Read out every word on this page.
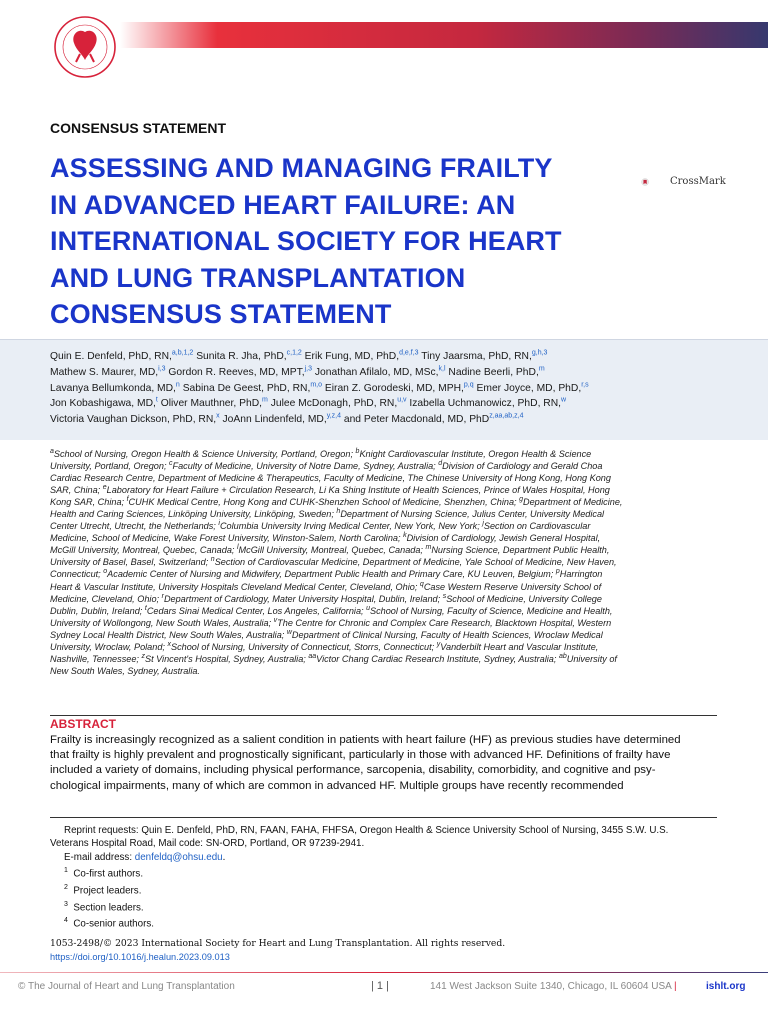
CONSENSUS STATEMENT
ASSESSING AND MANAGING FRAILTY
IN ADVANCED HEART FAILURE: AN
INTERNATIONAL SOCIETY FOR HEART
AND LUNG TRANSPLANTATION
CONSENSUS STATEMENT
CrossMark
Quin E. Denfeld, PhD, RN,$^{a,b,1,2}$ Sunita R. Jha, PhD,$^{c,1,2}$ Erik Fung, MD, PhD,$^{d,e,f,3}$ Tiny Jaarsma, PhD, RN,$^{g,h,3}$
Mathew S. Maurer, MD,$^{i,3}$ Gordon R. Reeves, MD, MPT,$^{j,3}$ Jonathan Afilalo, MD, MSc,$^{k,l}$ Nadine Beerli, PhD,$^m$
Lavanya Bellumkonda, MD,$^n$ Sabina De Geest, PhD, RN,$^{m,o}$ Eiran Z. Gorodeski, MD, MPH,$^{p,q}$ Emer Joyce, MD, PhD,$^{r,s}$
Jon Kobashigawa, MD,$^t$ Oliver Mauthner, PhD,$^m$ Julee McDonagh, PhD, RN,$^{u,v}$ Izabella Uchmanowicz, PhD, RN,$^w$
Victoria Vaughan Dickson, PhD, RN,$^x$ JoAnn Lindenfeld, MD,$^{y,z,4}$ and Peter Macdonald, MD, PhD$^{z,aa,ab,z,4}$
$^a$School of Nursing, Oregon Health & Science University, Portland, Oregon; $^b$Knight Cardiovascular Institute, Oregon Health & Science
University, Portland, Oregon; $^c$Faculty of Medicine, University of Notre Dame, Sydney, Australia; $^d$Division of Cardiology and Gerald Choa
Cardiac Research Centre, Department of Medicine & Therapeutics, Faculty of Medicine, The Chinese University of Hong Kong, Hong Kong
SAR, China; $^e$Laboratory for Heart Failure + Circulation Research, Li Ka Shing Institute of Health Sciences, Prince of Wales Hospital, Hong
Kong SAR, China; $^f$CUHK Medical Centre, Hong Kong and CUHK-Shenzhen School of Medicine, Shenzhen, China; $^g$Department of Medicine,
Health and Caring Sciences, Linköping University, Linköping, Sweden; $^h$Department of Nursing Science, Julius Center, University Medical
Center Utrecht, Utrecht, the Netherlands; $^i$Columbia University Irving Medical Center, New York, New York; $^j$Section on Cardiovascular
Medicine, School of Medicine, Wake Forest University, Winston-Salem, North Carolina; $^k$Division of Cardiology, Jewish General Hospital,
McGill University, Montreal, Quebec, Canada; $^l$McGill University, Montreal, Quebec, Canada; $^m$Nursing Science, Department Public Health,
University of Basel, Basel, Switzerland; $^n$Section of Cardiovascular Medicine, Department of Medicine, Yale School of Medicine, New Haven,
Connecticut; $^o$Academic Center of Nursing and Midwifery, Department Public Health and Primary Care, KU Leuven, Belgium; $^p$Harrington
Heart & Vascular Institute, University Hospitals Cleveland Medical Center, Cleveland, Ohio; $^q$Case Western Reserve University School of
Medicine, Cleveland, Ohio; $^r$Department of Cardiology, Mater University Hospital, Dublin, Ireland; $^s$School of Medicine, University College
Dublin, Dublin, Ireland; $^t$Cedars Sinai Medical Center, Los Angeles, California; $^u$School of Nursing, Faculty of Science, Medicine and Health,
University of Wollongong, New South Wales, Australia; $^v$The Centre for Chronic and Complex Care Research, Blacktown Hospital, Western
Sydney Local Health District, New South Wales, Australia; $^w$Department of Clinical Nursing, Faculty of Health Sciences, Wroclaw Medical
University, Wroclaw, Poland; $^x$School of Nursing, University of Connecticut, Storrs, Connecticut; $^y$Vanderbilt Heart and Vascular Institute,
Nashville, Tennessee; $^z$St Vincent's Hospital, Sydney, Australia; $^{aa}$Victor Chang Cardiac Research Institute, Sydney, Australia; $^{ab}$University of
New South Wales, Sydney, Australia.
ABSTRACT
Frailty is increasingly recognized as a salient condition in patients with heart failure (HF) as previous studies have determined
that frailty is highly prevalent and prognostically significant, particularly in those with advanced HF. Definitions of frailty have
included a variety of domains, including physical performance, sarcopenia, disability, comorbidity, and cognitive and psy-
chological impairments, many of which are common in advanced HF. Multiple groups have recently recommended
Reprint requests: Quin E. Denfeld, PhD, RN, FAAN, FAHA, FHFSA, Oregon Health & Science University School of Nursing, 3455 S.W. U.S.
Veterans Hospital Road, Mail code: SN-ORD, Portland, OR 97239-2941.
E-mail address: denfeldq@ohsu.edu.
$^1$ Co-first authors.
$^2$ Project leaders.
$^3$ Section leaders.
$^4$ Co-senior authors.
1053-2498/© 2023 International Society for Heart and Lung Transplantation. All rights reserved.
https://doi.org/10.1016/j.healun.2023.09.013
© The Journal of Heart and Lung Transplantation	| 1 |	141 West Jackson Suite 1340, Chicago, IL 60604 USA |	ishlt.org
